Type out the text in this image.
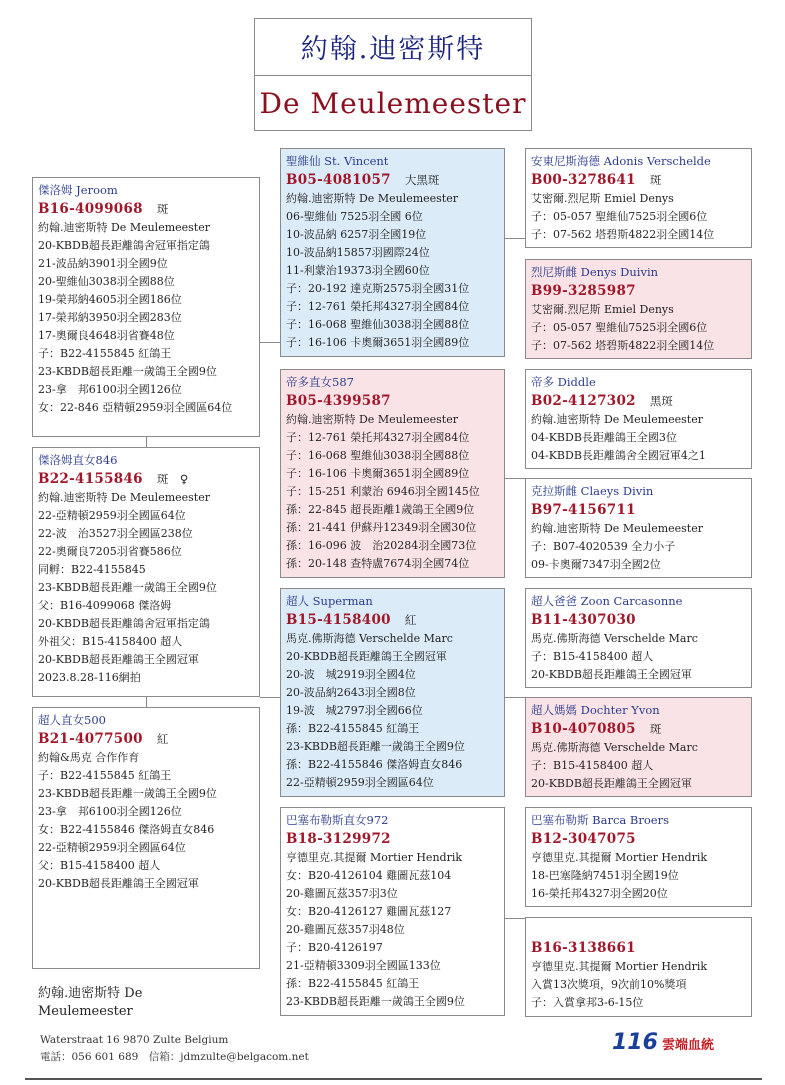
約翰.迪密斯特
De Meulemeester
傑洛姆 Jeroom
B16-4099068 斑
約翰.迪密斯特 De Meulemeester
20-KBDB超長距離鴿舍冠軍指定鴿
21-波品納3901羽全國9位
20-聖維仙3038羽全國88位
19-榮邦納4605羽全國186位
17-榮邦納3950羽全國283位
17-奧爾良4648羽省賽48位
子：B22-4155845 紅鴿王
23-KBDB超長距離一歲鴿王全國9位
23-拿　邦6100羽全國126位
女：22-846 亞精頓2959羽全國區64位
傑洛姆直女846
B22-4155846 斑　♀
約翰.迪密斯特 De Meulemeester
22-亞精頓2959羽全國區64位
22-波　治3527羽全國區238位
22-奧爾良7205羽省賽586位
同孵：B22-4155845
23-KBDB超長距離一歲鴿王全國9位
父：B16-4099068 傑洛姆
20-KBDB超長距離鴿舍冠軍指定鴿
外祖父：B15-4158400 超人
20-KBDB超長距離鴿王全國冠軍
2023.8.28-116網拍
超人直女500
B21-4077500 紅
約翰&馬克 合作作育
子：B22-4155845 紅鴿王
23-KBDB超長距離一歲鴿王全國9位
23-拿　邦6100羽全國126位
女：B22-4155846 傑洛姆直女846
22-亞精頓2959羽全國區64位
父：B15-4158400 超人
20-KBDB超長距離鴿王全國冠軍
聖維仙 St. Vincent
B05-4081057 大黑斑
約翰.迪密斯特 De Meulemeester
06-聖維仙 7525羽全國 6位
10-波品納 6257羽全國19位
10-波品納15857羽國際24位
11-利蒙治19373羽全國60位
子：20-192 達克斯2575羽全國31位
子：12-761 榮托邦4327羽全國84位
子：16-068 聖維仙3038羽全國88位
子：16-106 卡奧爾3651羽全國89位
帝多直女587
B05-4399587
約翰.迪密斯特 De Meulemeester
子：12-761 榮托邦4327羽全國84位
子：16-068 聖維仙3038羽全國88位
子：16-106 卡奧爾3651羽全國89位
子：15-251 利蒙治 6946羽全國145位
孫：22-845 超長距離1歲鴿王全國9位
孫：21-441 伊蘇丹12349羽全國30位
孫：16-096 波　治20284羽全國73位
孫：20-148 查特盧7674羽全國74位
超人 Superman
B15-4158400 紅
馬克.佛斯海德 Verschelde Marc
20-KBDB超長距離鴿王全國冠軍
20-波　城2919羽全國4位
20-波品納2643羽全國8位
19-波　城2797羽全國66位
孫：B22-4155845 紅鴿王
23-KBDB超長距離一歲鴿王全國9位
孫：B22-4155846 傑洛姆直女846
22-亞精頓2959羽全國區64位
巴塞布勒斯直女972
B18-3129972
亨德里克.其提爾 Mortier Hendrik
女：B20-4126104 雞圖瓦茲104
20-雞圖瓦茲357羽3位
女：B20-4126127 雞圖瓦茲127
20-雞圖瓦茲357羽48位
子：B20-4126197
21-亞精頓3309羽全國區133位
孫：B22-4155845 紅鴿王
23-KBDB超長距離一歲鴿王全國9位
安東尼斯海德 Adonis Verschelde
B00-3278641 斑
艾密爾.烈尼斯 Emiel Denys
子：05-057 聖維仙7525羽全國6位
子：07-562 塔碧斯4822羽全國14位
烈尼斯雌 Denys Duivin
B99-3285987
艾密爾.烈尼斯 Emiel Denys
子：05-057 聖維仙7525羽全國6位
子：07-562 塔碧斯4822羽全國14位
帝多 Diddle
B02-4127302 黑斑
約翰.迪密斯特 De Meulemeester
04-KBDB長距離鴿王全國3位
04-KBDB長距離鴿舍全國冠軍4之1
克拉斯雌 Claeys Divin
B97-4156711
約翰.迪密斯特 De Meulemeester
子：B07-4020539 全力小子
09-卡奧爾7347羽全國2位
超人爸爸 Zoon Carcasonne
B11-4307030
馬克.佛斯海德 Verschelde Marc
子：B15-4158400 超人
20-KBDB超長距離鴿王全國冠軍
超人媽媽 Dochter Yvon
B10-4070805 斑
馬克.佛斯海德 Verschelde Marc
子：B15-4158400 超人
20-KBDB超長距離鴿王全國冠軍
巴塞布勒斯 Barca Broers
B12-3047075
亨德里克.其提爾 Mortier Hendrik
18-巴塞隆納7451羽全國19位
16-榮托邦4327羽全國20位
B16-3138661
亨德里克.其提爾 Mortier Hendrik
入賞13次獎項，9次前10%獎項
子：入賞拿邦3-6-15位
約翰.迪密斯特 De Meulemeester
Waterstraat 16 9870 Zulte Belgium
電話：056 601 689　信箱：jdmzulte@belgacom.net
116 雲端血統
